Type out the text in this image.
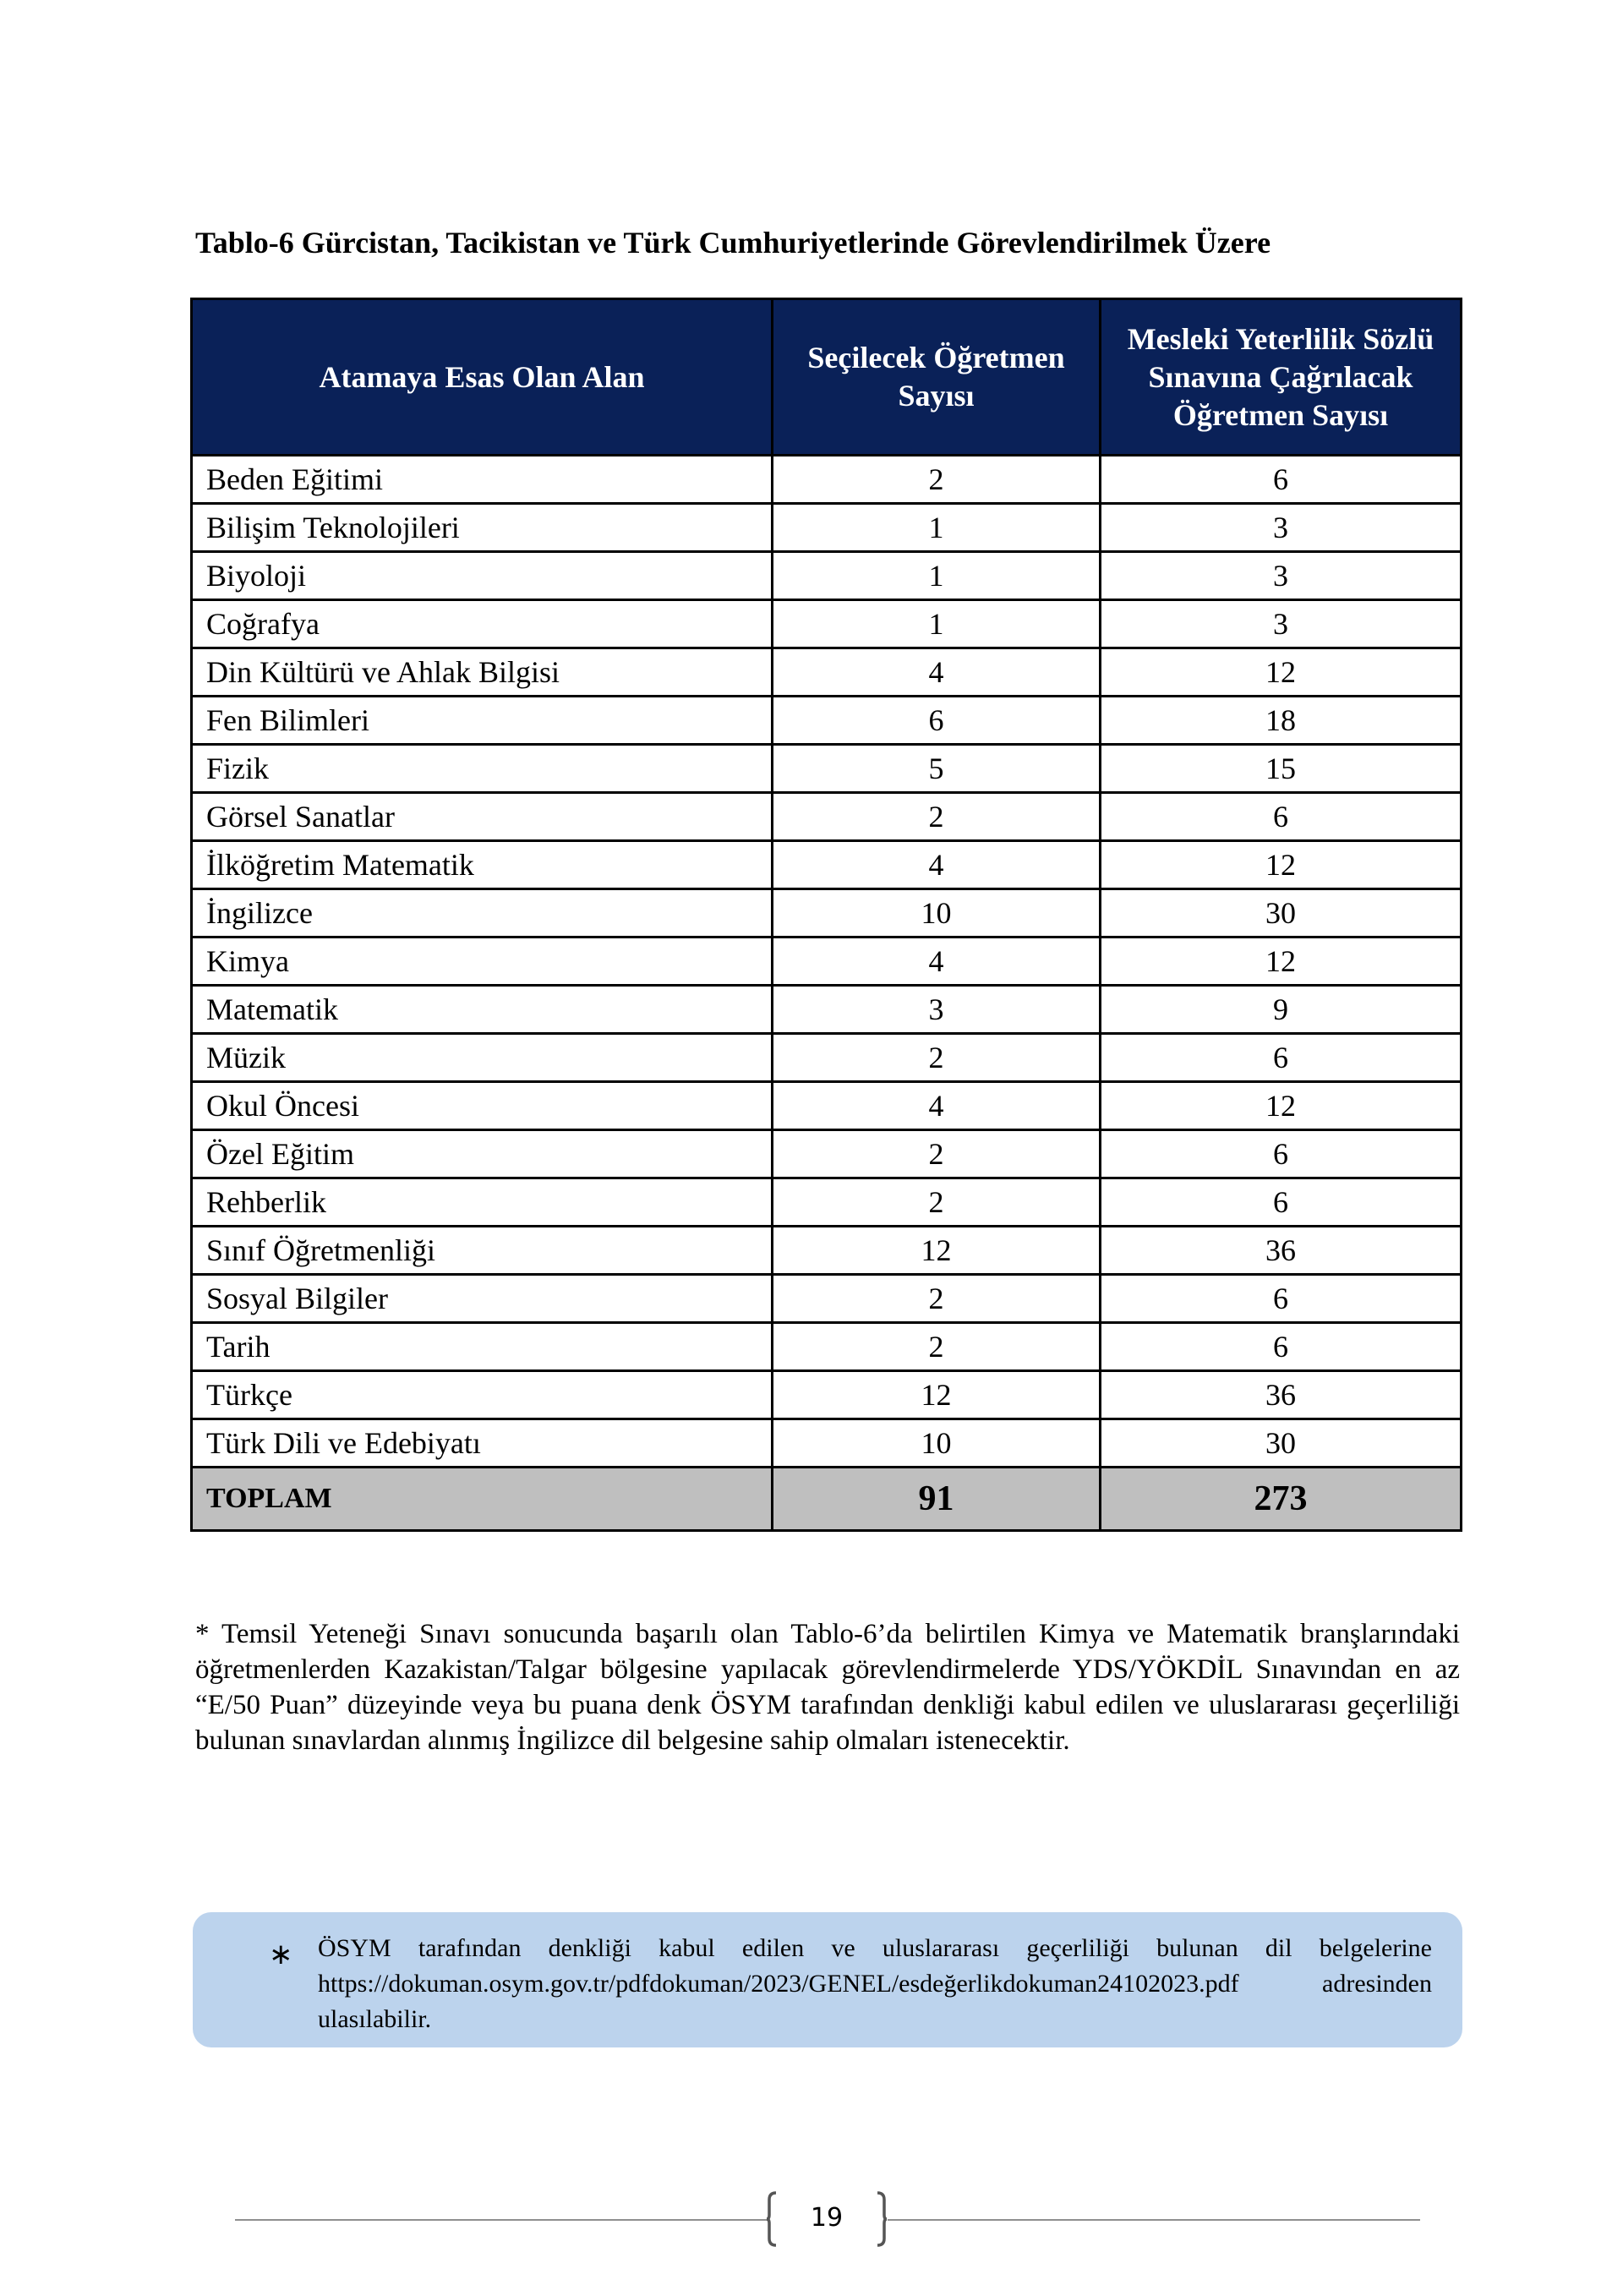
Tablo-6 Gürcistan, Tacikistan ve Türk Cumhuriyetlerinde Görevlendirilmek Üzere
Atamaya Esas Olan Alan	Seçilecek Öğretmen Sayısı	Mesleki Yeterlilik Sözlü Sınavına Çağrılacak Öğretmen Sayısı
Beden Eğitimi	2	6
Bilişim Teknolojileri	1	3
Biyoloji	1	3
Coğrafya	1	3
Din Kültürü ve Ahlak Bilgisi	4	12
Fen Bilimleri	6	18
Fizik	5	15
Görsel Sanatlar	2	6
İlköğretim Matematik	4	12
İngilizce	10	30
Kimya	4	12
Matematik	3	9
Müzik	2	6
Okul Öncesi	4	12
Özel Eğitim	2	6
Rehberlik	2	6
Sınıf Öğretmenliği	12	36
Sosyal Bilgiler	2	6
Tarih	2	6
Türkçe	12	36
Türk Dili ve Edebiyatı	10	30
TOPLAM	91	273
* Temsil Yeteneği Sınavı sonucunda başarılı olan Tablo-6’da belirtilen Kimya ve Matematik branşlarındaki öğretmenlerden Kazakistan/Talgar bölgesine yapılacak görevlendirmelerde YDS/YÖKDİL Sınavından en az “E/50 Puan” düzeyinde veya bu puana denk ÖSYM tarafından denkliği kabul edilen ve uluslararası geçerliliği bulunan sınavlardan alınmış İngilizce dil belgesine sahip olmaları istenecektir.
∗ ÖSYM tarafından denkliği kabul edilen ve uluslararası geçerliliği bulunan dil belgelerine https://dokuman.osym.gov.tr/pdfdokuman/2023/GENEL/esdeğerlikdokuman24102023.pdf adresinden ulasılabilir.
19
